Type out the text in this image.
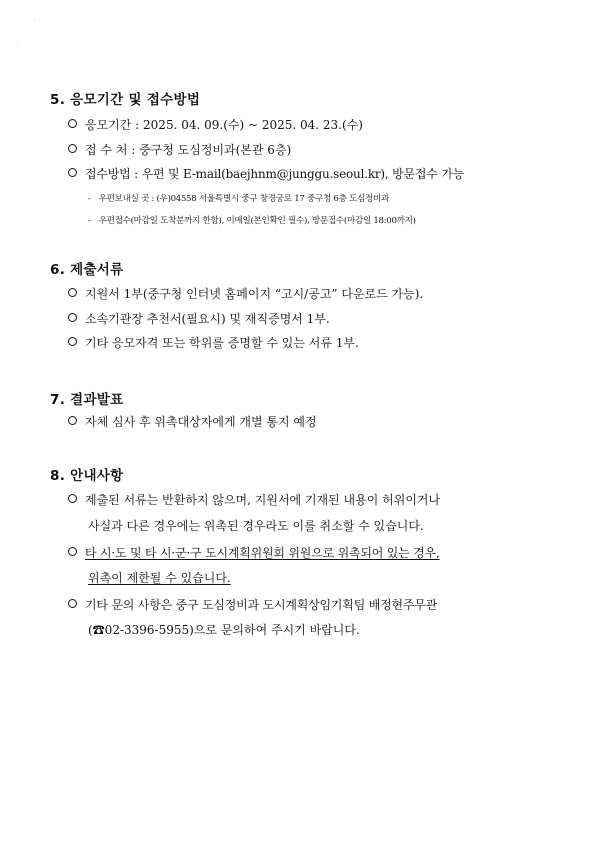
·
·
5. 응모기간 및 접수방법
응모기간 : 2025. 04. 09.(수) ~ 2025. 04. 23.(수)
접 수 처 : 중구청 도심정비과(본관 6층)
접수방법 : 우편 및 E-mail(baejhnm@junggu.seoul.kr), 방문접수 가능
- 우편보내실 곳 : (우)04558 서울특별시 중구 창경궁로 17 중구청 6층 도심정비과
- 우편접수(마감일 도착분까지 한함), 이메일(본인확인 필수), 방문접수(마감일 18:00까지)
6. 제출서류
지원서 1부(중구청 인터넷 홈페이지 “고시/공고” 다운로드 가능).
소속기관장 추천서(필요시) 및 재직증명서 1부.
기타 응모자격 또는 학위를 증명할 수 있는 서류 1부.
7. 결과발표
자체 심사 후 위촉대상자에게 개별 통지 예정
8. 안내사항
제출된 서류는 반환하지 않으며, 지원서에 기재된 내용이 허위이거나
사실과 다른 경우에는 위촉된 경우라도 이를 취소할 수 있습니다.
타 시·도 및 타 시·군·구 도시계획위원회 위원으로 위촉되어 있는 경우,
위촉이 제한될 수 있습니다.
기타 문의 사항은 중구 도심정비과 도시계획상임기획팀 배정현주무관
(☎02-3396-5955)으로 문의하여 주시기 바랍니다.
